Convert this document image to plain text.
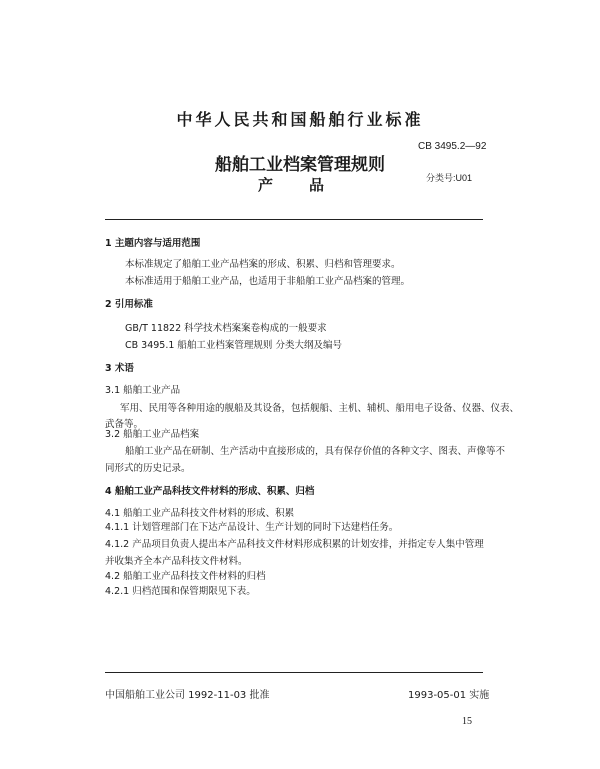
中华人民共和国船舶行业标准
CB 3495.2—92
船舶工业档案管理规则
产品	分类号:U01
1 主题内容与适用范围
本标准规定了船舶工业产品档案的形成、积累、归档和管理要求。
本标准适用于船舶工业产品，也适用于非船舶工业产品档案的管理。
2 引用标准
GB/T 11822 科学技术档案案卷构成的一般要求
CB 3495.1 船舶工业档案管理规则 分类大纲及编号
3 术语
3.1 船舶工业产品
军用、民用等各种用途的舰船及其设备，包括舰船、主机、辅机、船用电子设备、仪器、仪表、
武备等。
3.2 船舶工业产品档案
船舶工业产品在研制、生产活动中直接形成的，具有保存价值的各种文字、图表、声像等不
同形式的历史记录。
4 船舶工业产品科技文件材料的形成、积累、归档
4.1 船舶工业产品科技文件材料的形成、积累
4.1.1 计划管理部门在下达产品设计、生产计划的同时下达建档任务。
4.1.2 产品项目负责人提出本产品科技文件材料形成积累的计划安排，并指定专人集中管理
并收集齐全本产品科技文件材料。
4.2 船舶工业产品科技文件材料的归档
4.2.1 归档范围和保管期限见下表。
中国船舶工业公司 1992-11-03 批准	1993-05-01 实施
15
